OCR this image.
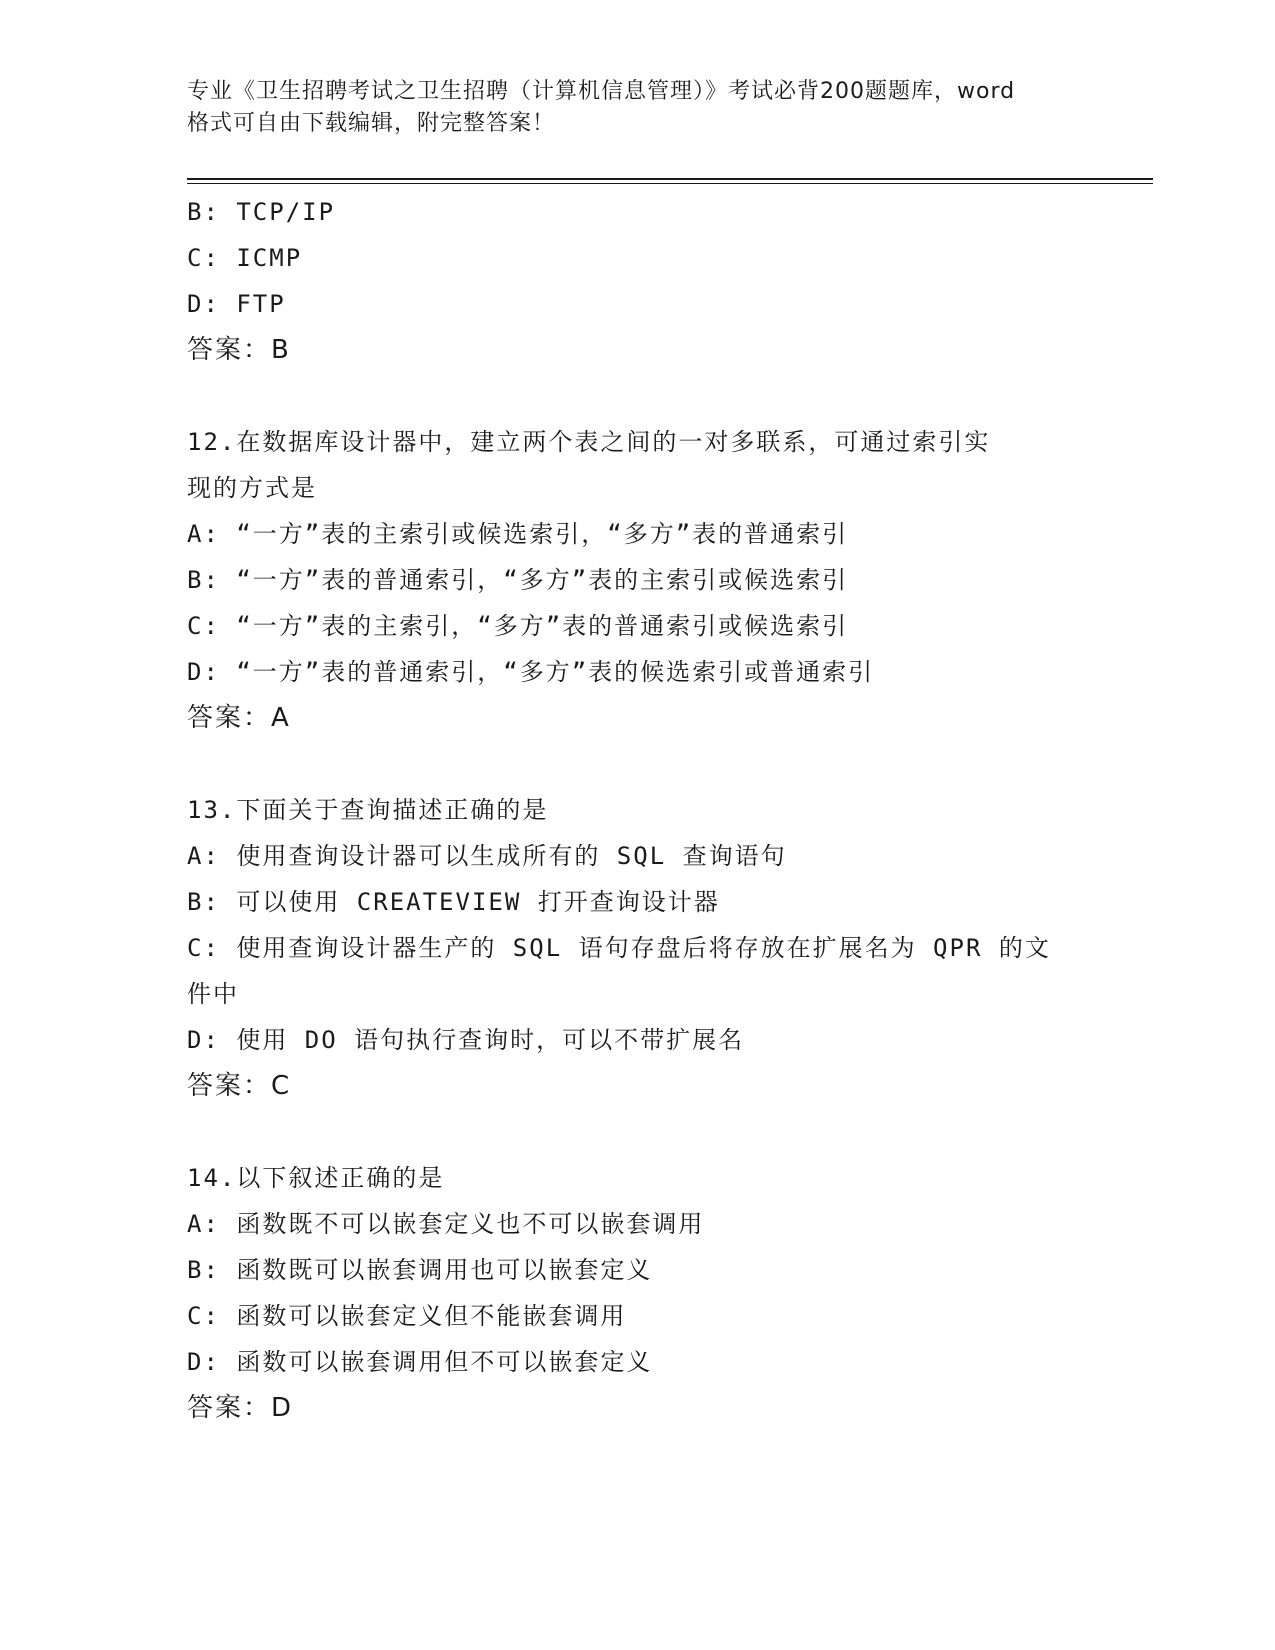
专业《卫生招聘考试之卫生招聘（计算机信息管理）》考试必背200题题库，word
格式可自由下载编辑，附完整答案！

B: TCP/IP

C: ICMP

D: FTP

答案：B

12.在数据库设计器中，建立两个表之间的一对多联系，可通过索引实

现的方式是

A: “一方”表的主索引或候选索引，“多方”表的普通索引

B: “一方”表的普通索引，“多方”表的主索引或候选索引

C: “一方”表的主索引，“多方”表的普通索引或候选索引

D: “一方”表的普通索引，“多方”表的候选索引或普通索引

答案：A

13.下面关于查询描述正确的是

A: 使用查询设计器可以生成所有的 SQL 查询语句

B: 可以使用 CREATEVIEW 打开查询设计器

C: 使用查询设计器生产的 SQL 语句存盘后将存放在扩展名为 QPR 的文

件中

D: 使用 DO 语句执行查询时，可以不带扩展名

答案：C

14.以下叙述正确的是

A: 函数既不可以嵌套定义也不可以嵌套调用

B: 函数既可以嵌套调用也可以嵌套定义

C: 函数可以嵌套定义但不能嵌套调用

D: 函数可以嵌套调用但不可以嵌套定义

答案：D
